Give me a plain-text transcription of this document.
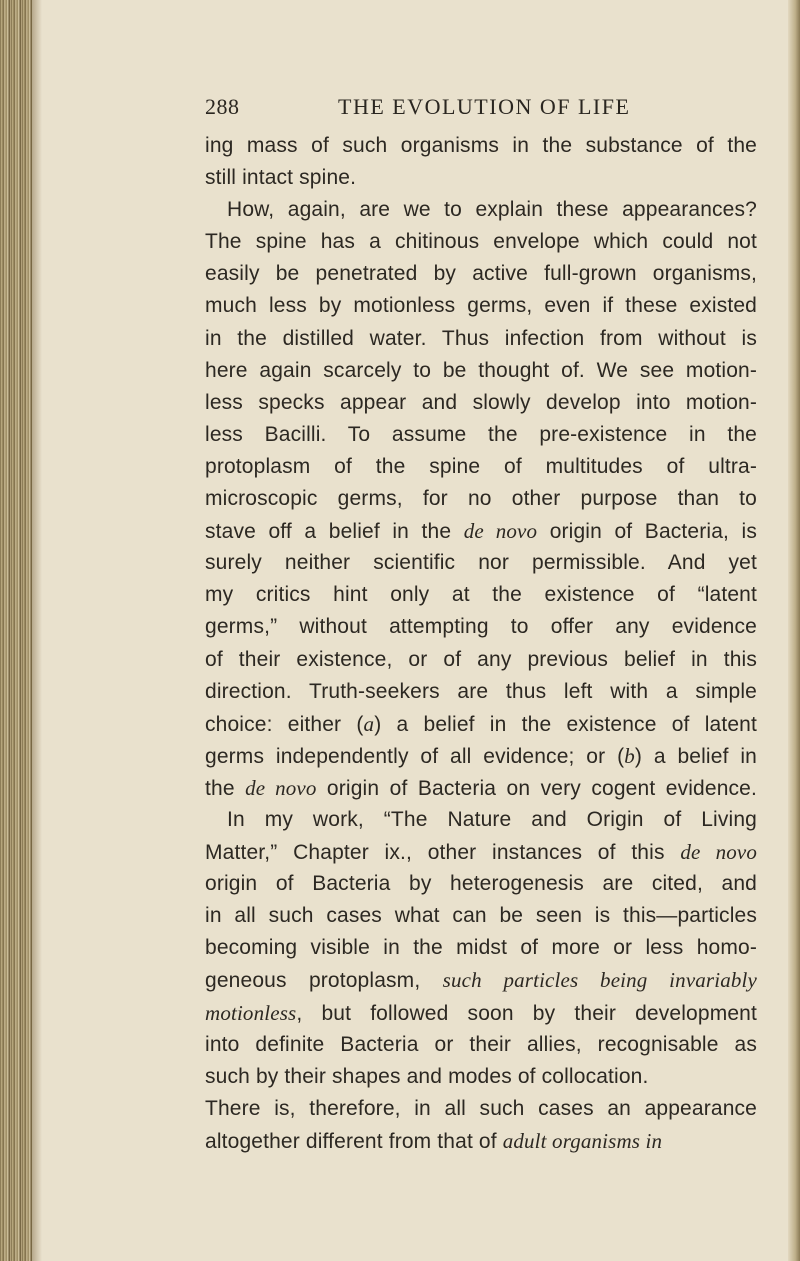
288	THE EVOLUTION OF LIFE
ing mass of such organisms in the substance of the
still intact spine.
How, again, are we to explain these appearances?
The spine has a chitinous envelope which could not
easily be penetrated by active full-grown organisms,
much less by motionless germs, even if these existed
in the distilled water. Thus infection from without is
here again scarcely to be thought of. We see motion-
less specks appear and slowly develop into motion-
less Bacilli. To assume the pre-existence in the
protoplasm of the spine of multitudes of ultra-
microscopic germs, for no other purpose than to
stave off a belief in the de novo origin of Bacteria, is
surely neither scientific nor permissible. And yet
my critics hint only at the existence of “latent
germs,” without attempting to offer any evidence
of their existence, or of any previous belief in this
direction. Truth-seekers are thus left with a simple
choice: either (a) a belief in the existence of latent
germs independently of all evidence; or (b) a belief in
the de novo origin of Bacteria on very cogent evidence.
In my work, “The Nature and Origin of Living
Matter,” Chapter ix., other instances of this de novo
origin of Bacteria by heterogenesis are cited, and
in all such cases what can be seen is this—particles
becoming visible in the midst of more or less homo-
geneous protoplasm, such particles being invariably
motionless, but followed soon by their development
into definite Bacteria or their allies, recognisable as
such by their shapes and modes of collocation.
There is, therefore, in all such cases an appearance
altogether different from that of adult organisms in
